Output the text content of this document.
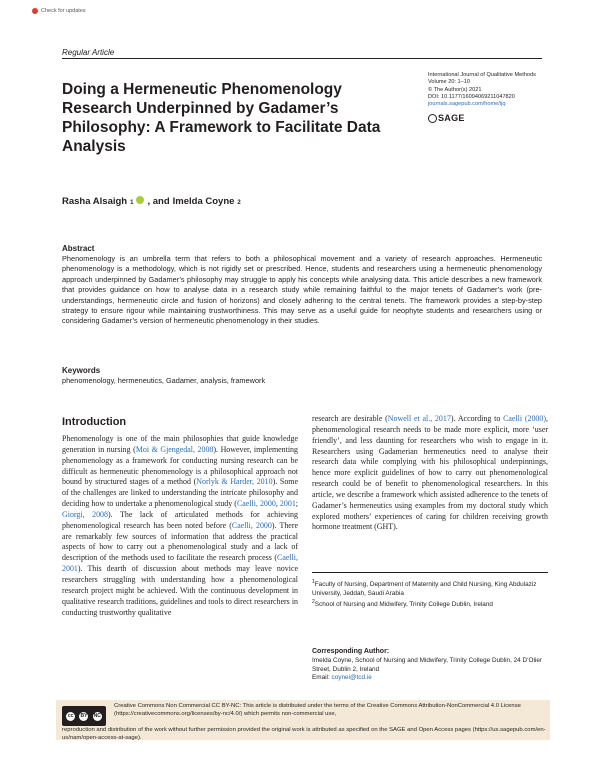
Check for updates
Regular Article
Doing a Hermeneutic Phenomenology Research Underpinned by Gadamer’s Philosophy: A Framework to Facilitate Data Analysis
International Journal of Qualitative Methods
Volume 20: 1–10
© The Author(s) 2021
DOI: 10.1177/16094069211047820
journals.sagepub.com/home/ijq
SAGE
Rasha Alsaigh 1 , and Imelda Coyne 2
Abstract
Phenomenology is an umbrella term that refers to both a philosophical movement and a variety of research approaches. Hermeneutic phenomenology is a methodology, which is not rigidly set or prescribed. Hence, students and researchers using a hermeneutic phenomenology approach underpinned by Gadamer’s philosophy may struggle to apply his concepts while analysing data. This article describes a new framework that provides guidance on how to analyse data in a research study while remaining faithful to the major tenets of Gadamer’s work (pre-understandings, hermeneutic circle and fusion of horizons) and closely adhering to the central tenets. The framework provides a step-by-step strategy to ensure rigour while maintaining trustworthiness. This may serve as a useful guide for neophyte students and researchers using or considering Gadamer’s version of hermeneutic phenomenology in their studies.
Keywords
phenomenology, hermeneutics, Gadamer, analysis, framework
Introduction
Phenomenology is one of the main philosophies that guide knowledge generation in nursing (Moi & Gjengedal, 2008). However, implementing phenomenology as a framework for conducting nursing research can be difficult as hermeneutic phenomenology is a philosophical approach not bound by structured stages of a method (Norlyk & Harder, 2010). Some of the challenges are linked to understanding the intricate philosophy and deciding how to undertake a phenomenological study (Caelli, 2000, 2001; Giorgi, 2008). The lack of articulated methods for achieving phenomenological research has been noted before (Caelli, 2000). There are remarkably few sources of information that address the practical aspects of how to carry out a phenomenological study and a lack of description of the methods used to facilitate the research process (Caelli, 2001). This dearth of discussion about methods may leave novice researchers struggling with understanding how a phenomenological research project might be achieved. With the continuous development in qualitative research traditions, guidelines and tools to direct researchers in conducting trustworthy qualitative
research are desirable (Nowell et al., 2017). According to Caelli (2000), phenomenological research needs to be made more explicit, more ‘user friendly’, and less daunting for researchers who wish to engage in it. Researchers using Gadamerian hermeneutics need to analyse their research data while complying with his philosophical underpinnings, hence more explicit guidelines of how to carry out phenomenological research could be of benefit to phenomenological researchers. In this article, we describe a framework which assisted adherence to the tenets of Gadamer’s hermeneutics using examples from my doctoral study which explored mothers’ experiences of caring for children receiving growth hormone treatment (GHT).
$^1$Faculty of Nursing, Department of Maternity and Child Nursing, King Abdulaziz University, Jeddah, Saudi Arabia
$^2$School of Nursing and Midwifery, Trinity College Dublin, Ireland
Corresponding Author:
Imelda Coyne, School of Nursing and Midwifery, Trinity College Dublin, 24 D’Olier Street, Dublin 2, Ireland
Email: coynei@tcd.ie
cc	BY NC
Creative Commons Non Commercial CC BY-NC: This article is distributed under the terms of the Creative Commons Attribution-NonCommercial 4.0 License (https://creativecommons.org/licenses/by-nc/4.0/) which permits non-commercial use,
reproduction and distribution of the work without further permission provided the original work is attributed as specified on the SAGE and Open Access pages (https://us.sagepub.com/en-us/nam/open-access-at-sage).
